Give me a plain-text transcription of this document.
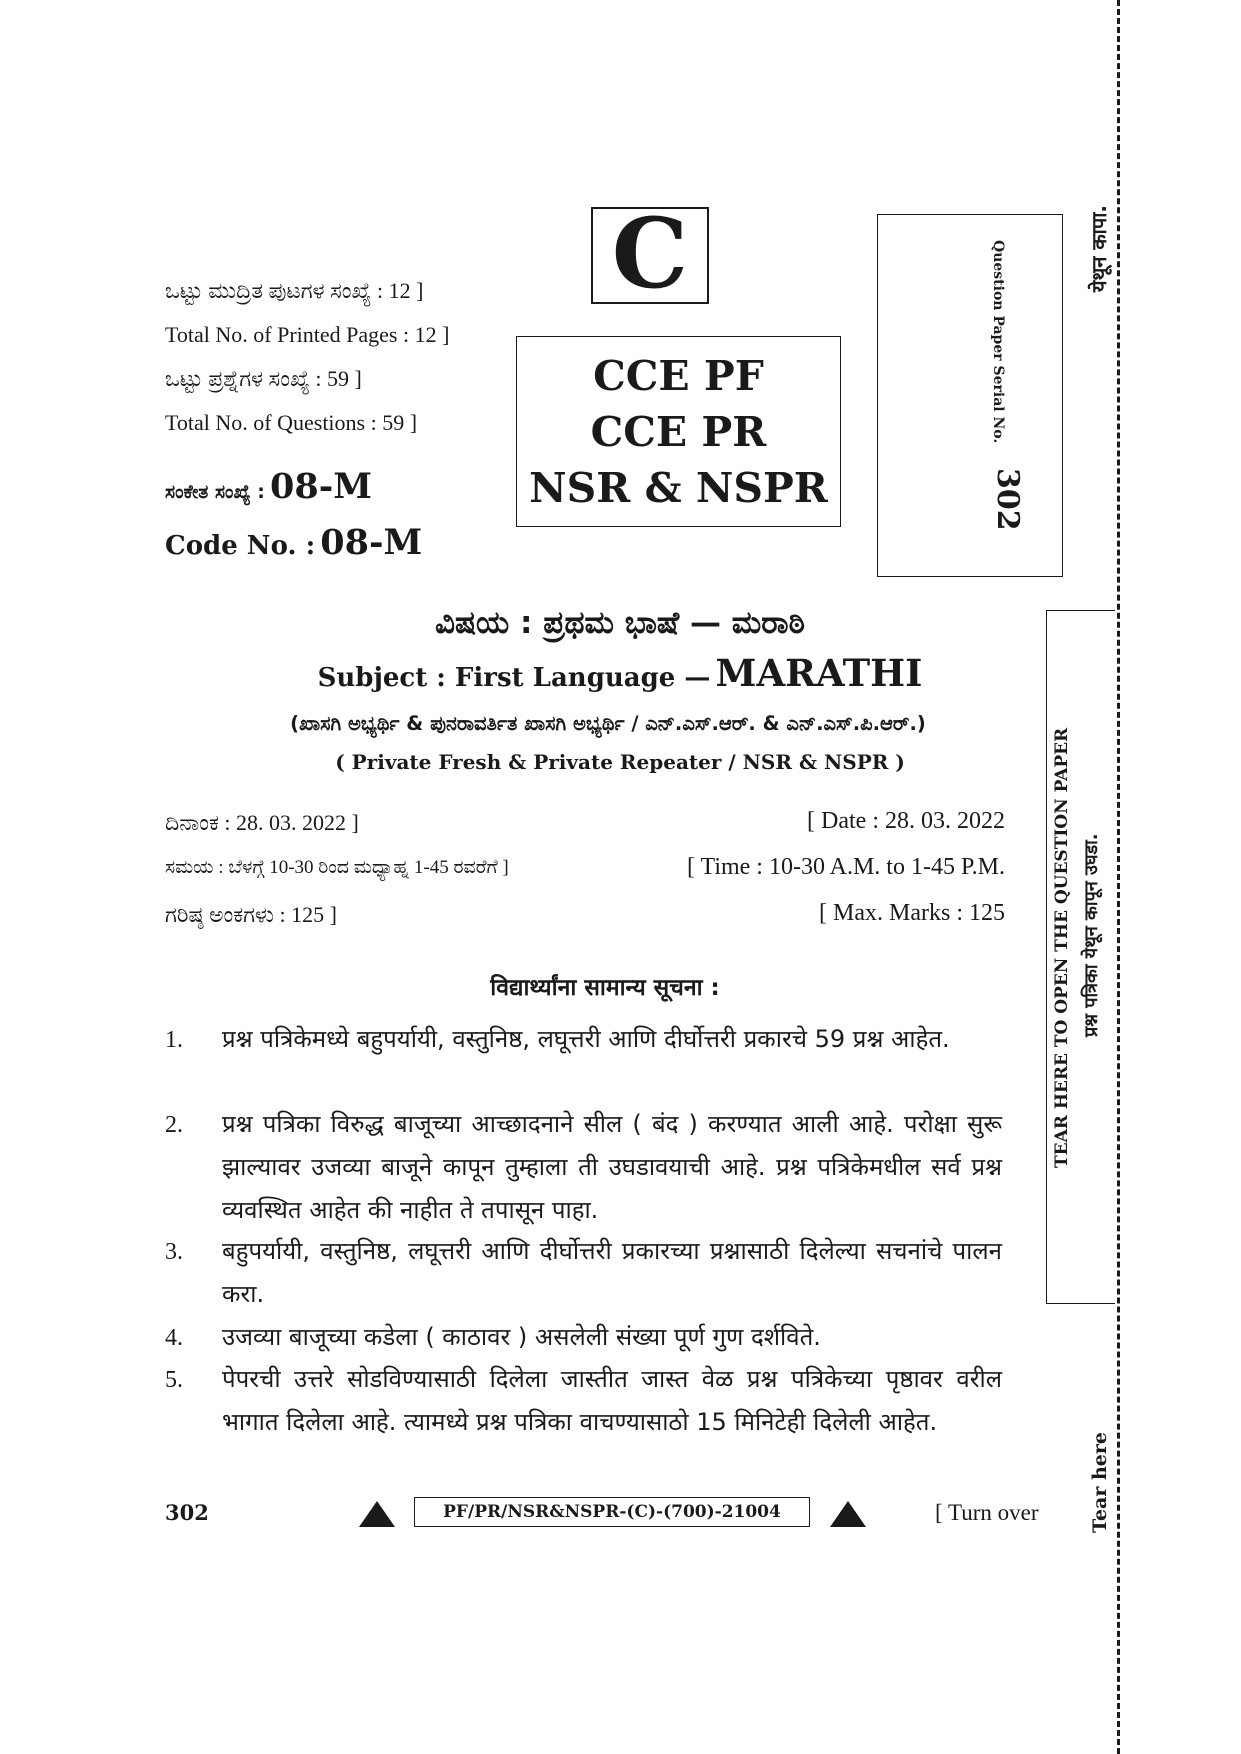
येथून कापा.
TEAR HERE TO OPEN THE QUESTION PAPER प्रश्न पत्रिका येथून कापून उघडा.
Tear here
C
CCE PF
CCE PR
NSR & NSPR
Question Paper Serial No.
302
ಒಟ್ಟು ಮುದ್ರಿತ ಪುಟಗಳ ಸಂಖ್ಯೆ : 12 ]
Total No. of Printed Pages : 12 ]
ಒಟ್ಟು ಪ್ರಶ್ನೆಗಳ ಸಂಖ್ಯೆ : 59 ]
Total No. of Questions : 59 ]
ಸಂಕೇತ ಸಂಖ್ಯೆ : 08-M
Code No. : 08-M
ವಿಷಯ : ಪ್ರಥಮ ಭಾಷೆ — ಮರಾಠಿ
Subject : First Language — MARATHI
(ಖಾಸಗಿ ಅಭ್ಯರ್ಥಿ & ಪುನರಾವರ್ತಿತ ಖಾಸಗಿ ಅಭ್ಯರ್ಥಿ / ಎನ್.ಎಸ್.ಆರ್. & ಎನ್.ಎಸ್.ಪಿ.ಆರ್.)
( Private Fresh & Private Repeater / NSR & NSPR )
ದಿನಾಂಕ : 28. 03. 2022 ]	[ Date : 28. 03. 2022
ಸಮಯ : ಬೆಳಗ್ಗೆ 10-30 ರಿಂದ ಮಧ್ಯಾಹ್ನ 1-45 ರವರೆಗೆ ]	[ Time : 10-30 A.M. to 1-45 P.M.
ಗರಿಷ್ಠ ಅಂಕಗಳು : 125 ]	[ Max. Marks : 125
विद्यार्थ्यांना सामान्य सूचना :
1. प्रश्न पत्रिकेमध्ये बहुपर्यायी, वस्तुनिष्ठ, लघूत्तरी आणि दीर्घोत्तरी प्रकारचे 59 प्रश्न आहेत.
2. प्रश्न पत्रिका विरुद्ध बाजूच्या आच्छादनाने सील ( बंद ) करण्यात आली आहे. परोक्षा सुरू झाल्यावर उजव्या बाजूने कापून तुम्हाला ती उघडावयाची आहे. प्रश्न पत्रिकेमधील सर्व प्रश्न व्यवस्थित आहेत की नाहीत ते तपासून पाहा.
3. बहुपर्यायी, वस्तुनिष्ठ, लघूत्तरी आणि दीर्घोत्तरी प्रकारच्या प्रश्नासाठी दिलेल्या सचनांचे पालन करा.
4. उजव्या बाजूच्या कडेला ( काठावर ) असलेली संख्या पूर्ण गुण दर्शविते.
5. पेपरची उत्तरे सोडविण्यासाठी दिलेला जास्तीत जास्त वेळ प्रश्न पत्रिकेच्या पृष्ठावर वरील भागात दिलेला आहे. त्यामध्ये प्रश्न पत्रिका वाचण्यासाठो 15 मिनिटेही दिलेली आहेत.
302	PF/PR/NSR&NSPR-(C)-(700)-21004	[ Turn over
